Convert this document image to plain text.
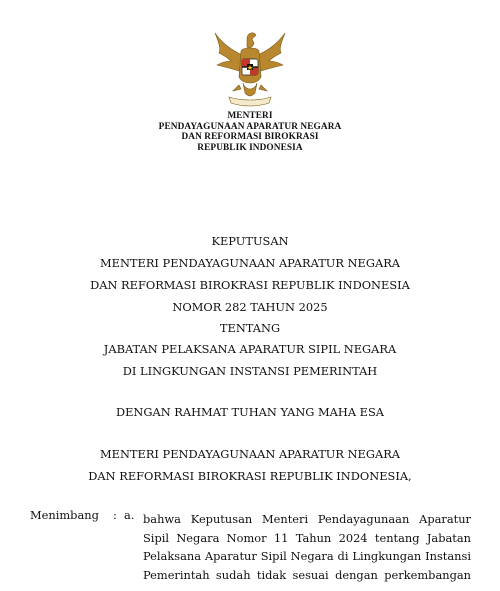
MENTERI
PENDAYAGUNAAN APARATUR NEGARA
DAN REFORMASI BIROKRASI
REPUBLIK INDONESIA
KEPUTUSAN
MENTERI PENDAYAGUNAAN APARATUR NEGARA
DAN REFORMASI BIROKRASI REPUBLIK INDONESIA
NOMOR 282 TAHUN 2025
TENTANG
JABATAN PELAKSANA APARATUR SIPIL NEGARA
DI LINGKUNGAN INSTANSI PEMERINTAH
DENGAN RAHMAT TUHAN YANG MAHA ESA
MENTERI PENDAYAGUNAAN APARATUR NEGARA
DAN REFORMASI BIROKRASI REPUBLIK INDONESIA,
Menimbang : a. bahwa Keputusan Menteri Pendayagunaan Aparatur
Sipil Negara Nomor 11 Tahun 2024 tentang Jabatan
Pelaksana Aparatur Sipil Negara di Lingkungan Instansi
Pemerintah sudah tidak sesuai dengan perkembangan
